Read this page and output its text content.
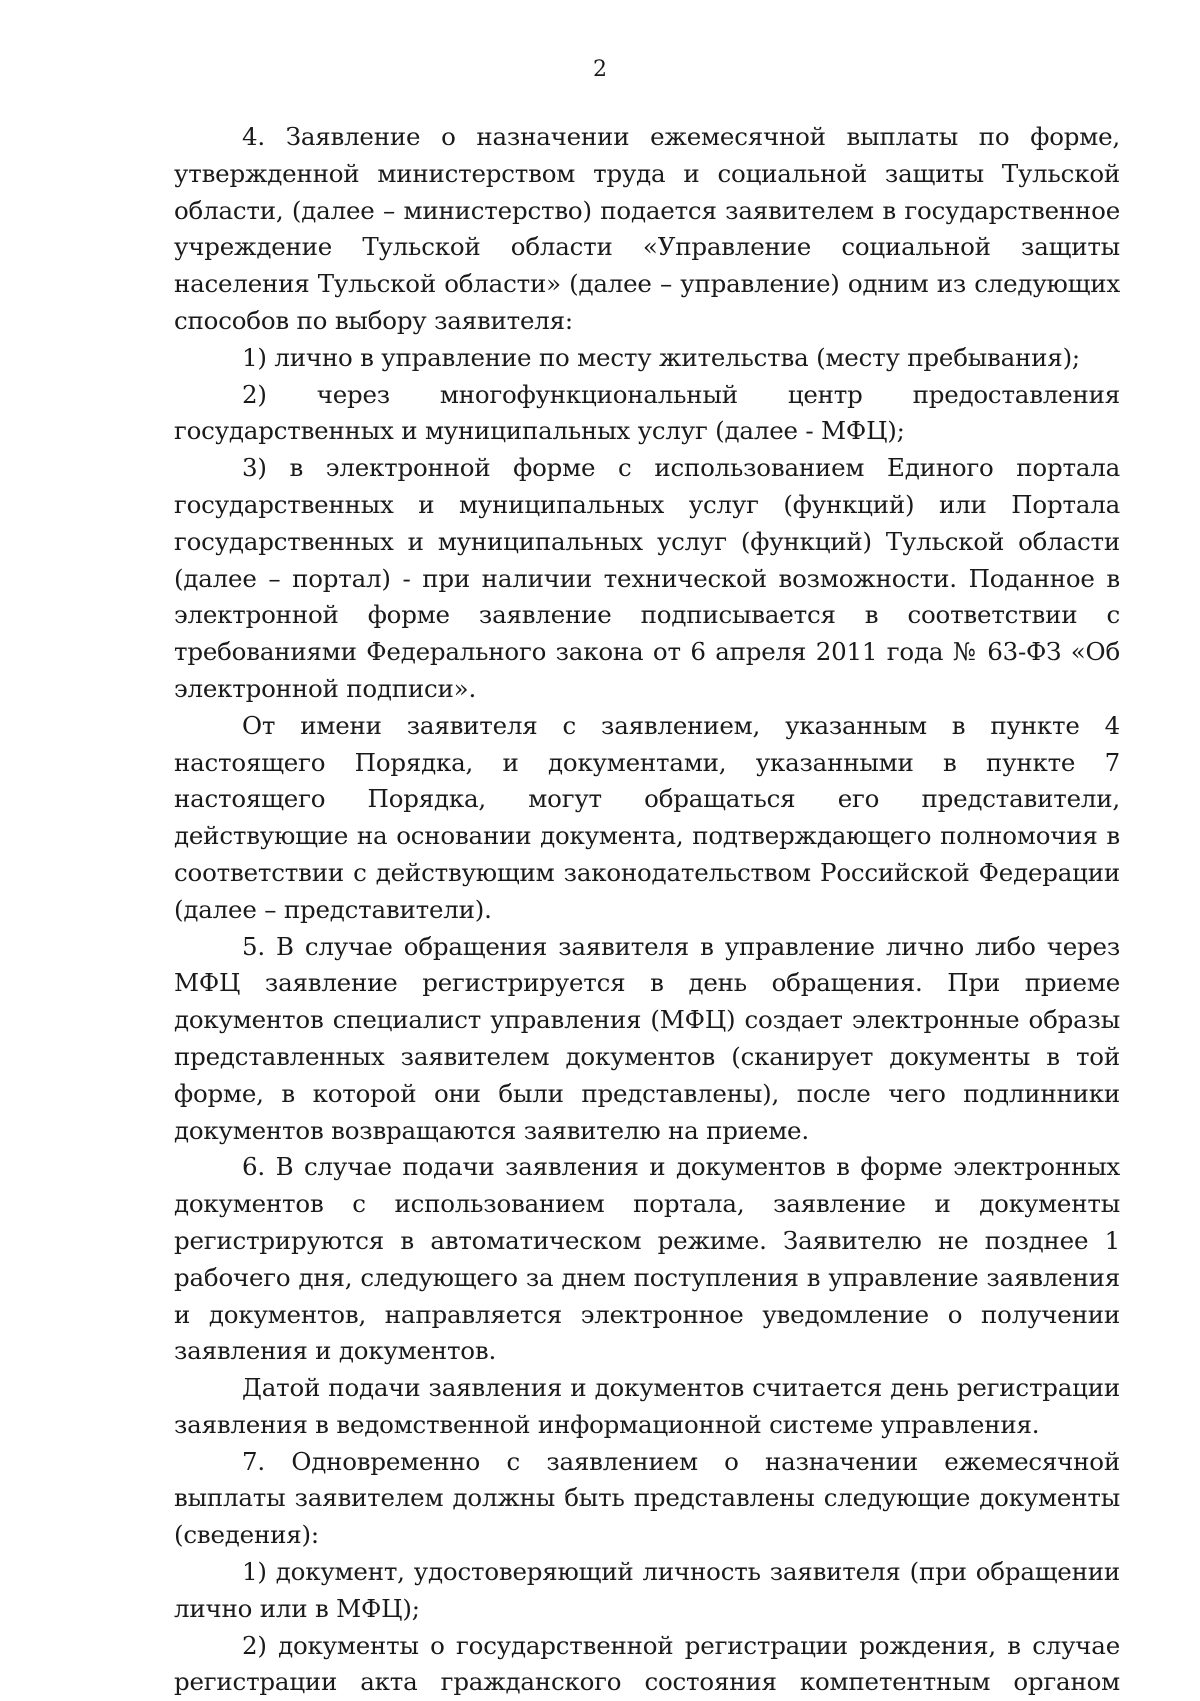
2

4. Заявление о назначении ежемесячной выплаты по форме, утвержденной министерством труда и социальной защиты Тульской области, (далее – министерство) подается заявителем в государственное учреждение Тульской области «Управление социальной защиты населения Тульской области» (далее – управление) одним из следующих способов по выбору заявителя:

1) лично в управление по месту жительства (месту пребывания);

2) через многофункциональный центр предоставления государственных и муниципальных услуг (далее - МФЦ);

3) в электронной форме с использованием Единого портала государственных и муниципальных услуг (функций) или Портала государственных и муниципальных услуг (функций) Тульской области (далее – портал) - при наличии технической возможности. Поданное в электронной форме заявление подписывается в соответствии с требованиями Федерального закона от 6 апреля 2011 года № 63-ФЗ «Об электронной подписи».

От имени заявителя с заявлением, указанным в пункте 4 настоящего Порядка, и документами, указанными в пункте 7 настоящего Порядка, могут обращаться его представители, действующие на основании документа, подтверждающего полномочия в соответствии с действующим законодательством Российской Федерации (далее – представители).

5. В случае обращения заявителя в управление лично либо через МФЦ заявление регистрируется в день обращения. При приеме документов специалист управления (МФЦ) создает электронные образы представленных заявителем документов (сканирует документы в той форме, в которой они были представлены), после чего подлинники документов возвращаются заявителю на приеме.

6. В случае подачи заявления и документов в форме электронных документов с использованием портала, заявление и документы регистрируются в автоматическом режиме. Заявителю не позднее 1 рабочего дня, следующего за днем поступления в управление заявления и документов, направляется электронное уведомление о получении заявления и документов.

Датой подачи заявления и документов считается день регистрации заявления в ведомственной информационной системе управления.

7. Одновременно с заявлением о назначении ежемесячной выплаты заявителем должны быть представлены следующие документы (сведения):

1) документ, удостоверяющий личность заявителя (при обращении лично или в МФЦ);

2) документы о государственной регистрации рождения, в случае регистрации акта гражданского состояния компетентным органом
